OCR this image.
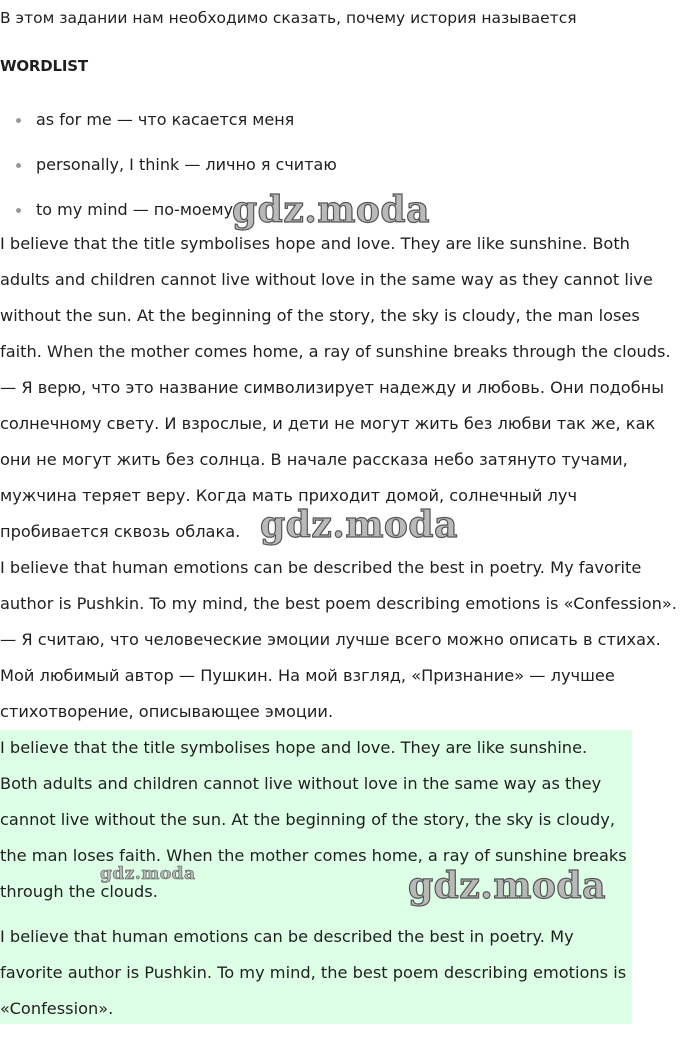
В этом задании нам необходимо сказать, почему история называется
WORDLIST
as for me — что касается меня
personally, I think — лично я считаю
to my mind — по-моему

I believe that the title symbolises hope and love. They are like sunshine. Both adults and children cannot live without love in the same way as they cannot live without the sun. At the beginning of the story, the sky is cloudy, the man loses faith. When the mother comes home, a ray of sunshine breaks through the clouds. — Я верю, что это название символизирует надежду и любовь. Они подобны солнечному свету. И взрослые, и дети не могут жить без любви так же, как они не могут жить без солнца. В начале рассказа небо затянуто тучами, мужчина теряет веру. Когда мать приходит домой, солнечный луч пробивается сквозь облака.

I believe that human emotions can be described the best in poetry. My favorite author is Pushkin. To my mind, the best poem describing emotions is «Confession». — Я считаю, что человеческие эмоции лучше всего можно описать в стихах. Мой любимый автор — Пушкин. На мой взгляд, «Признание» — лучшее стихотворение, описывающее эмоции.

I believe that the title symbolises hope and love. They are like sunshine. Both adults and children cannot live without love in the same way as they cannot live without the sun. At the beginning of the story, the sky is cloudy, the man loses faith. When the mother comes home, a ray of sunshine breaks through the clouds.

I believe that human emotions can be described the best in poetry. My favorite author is Pushkin. To my mind, the best poem describing emotions is «Confession».

gdz.moda
gdz.moda
gdz.moda	gdz.moda
